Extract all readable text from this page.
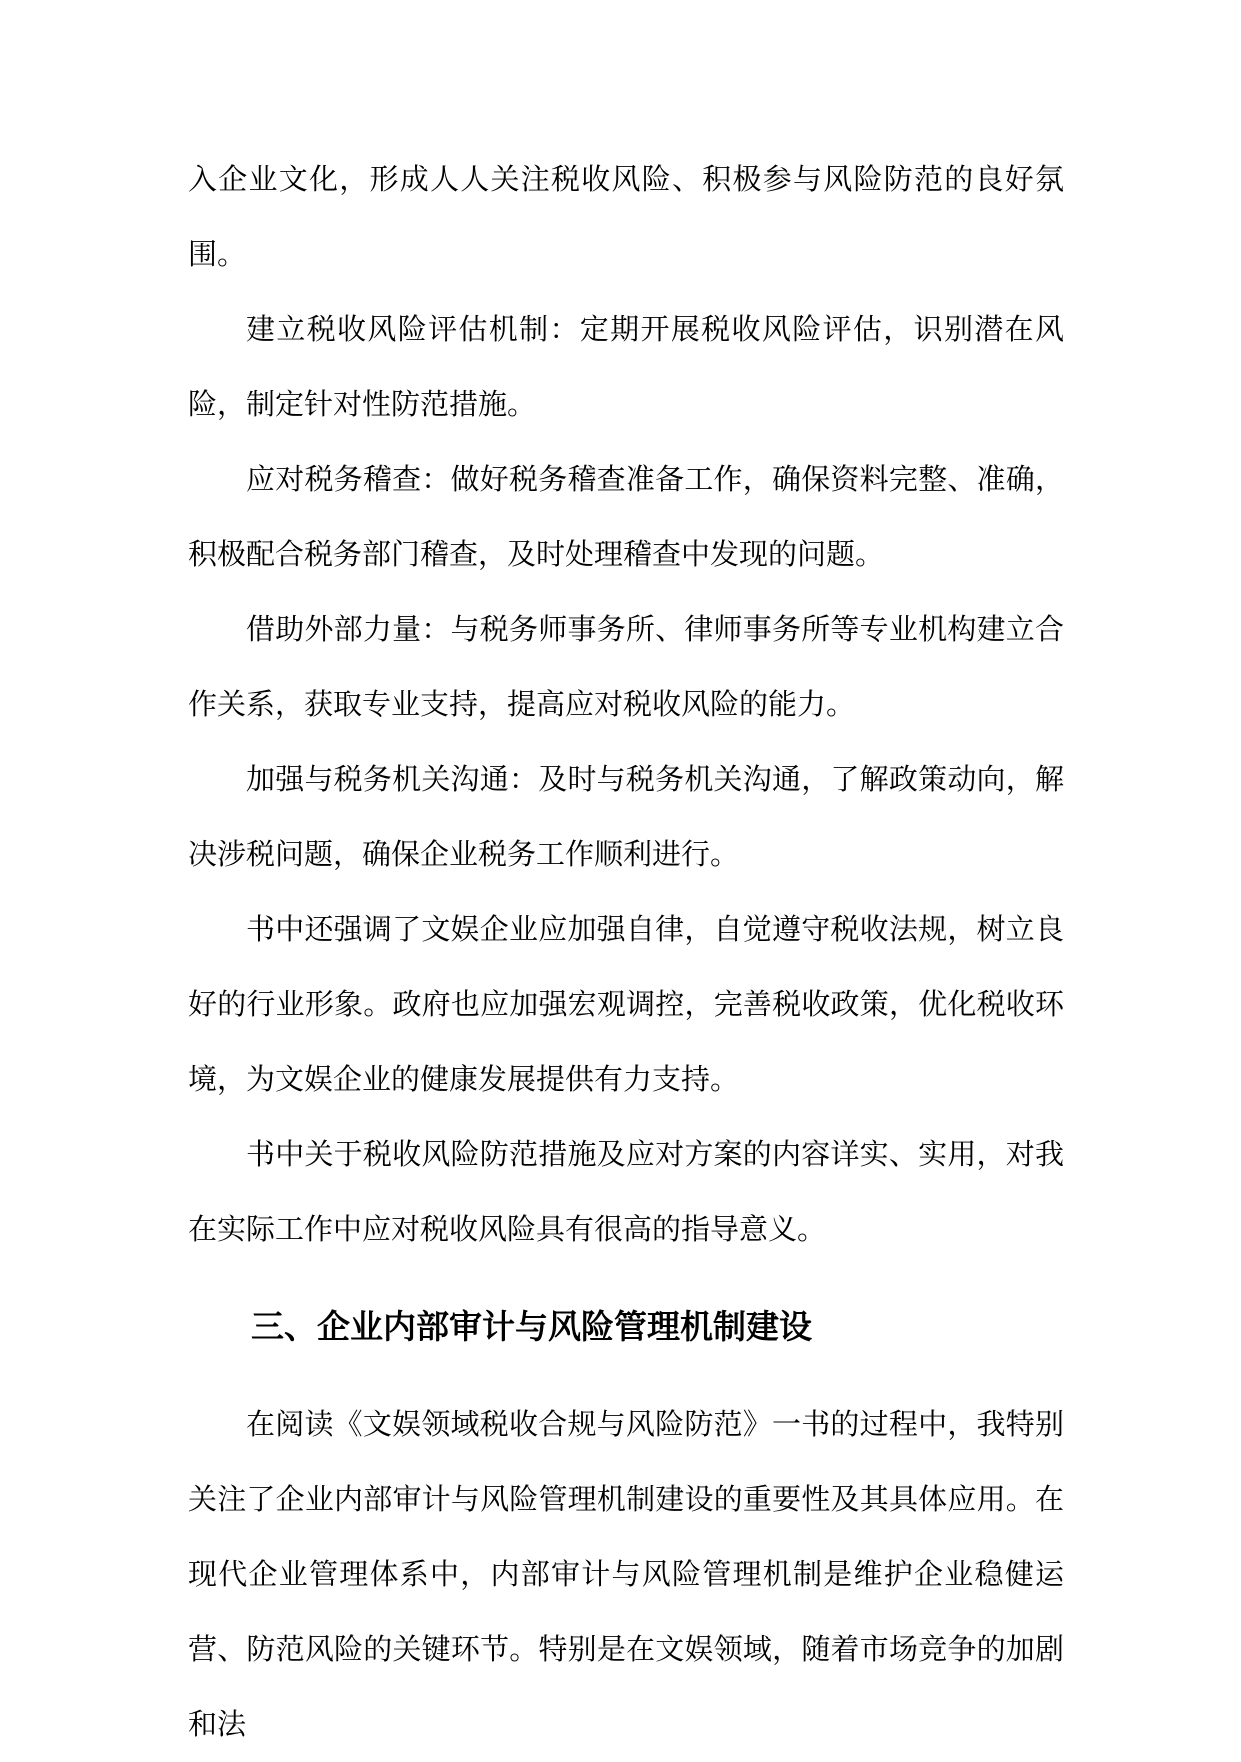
入企业文化，形成人人关注税收风险、积极参与风险防范的良好氛围。

建立税收风险评估机制：定期开展税收风险评估，识别潜在风险，制定针对性防范措施。

应对税务稽查：做好税务稽查准备工作，确保资料完整、准确，积极配合税务部门稽查，及时处理稽查中发现的问题。

借助外部力量：与税务师事务所、律师事务所等专业机构建立合作关系，获取专业支持，提高应对税收风险的能力。

加强与税务机关沟通：及时与税务机关沟通，了解政策动向，解决涉税问题，确保企业税务工作顺利进行。

书中还强调了文娱企业应加强自律，自觉遵守税收法规，树立良好的行业形象。政府也应加强宏观调控，完善税收政策，优化税收环境，为文娱企业的健康发展提供有力支持。

书中关于税收风险防范措施及应对方案的内容详实、实用，对我在实际工作中应对税收风险具有很高的指导意义。

三、企业内部审计与风险管理机制建设

在阅读《文娱领域税收合规与风险防范》一书的过程中，我特别关注了企业内部审计与风险管理机制建设的重要性及其具体应用。在现代企业管理体系中，内部审计与风险管理机制是维护企业稳健运营、防范风险的关键环节。特别是在文娱领域，随着市场竞争的加剧和法
